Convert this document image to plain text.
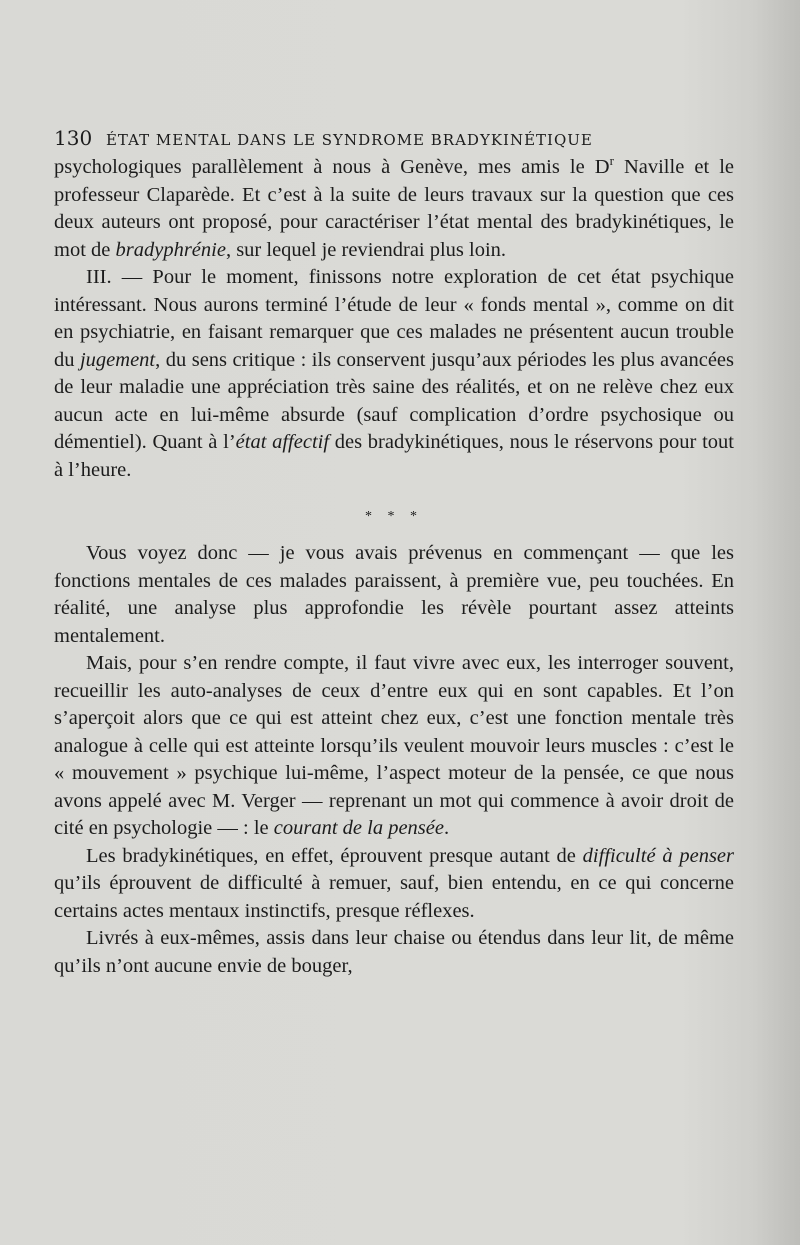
130 ÉTAT MENTAL DANS LE SYNDROME BRADYKINÉTIQUE

psychologiques parallèlement à nous à Genève, mes amis le $D^r$ Naville et le professeur Claparède. Et c’est à la suite de leurs travaux sur la question que ces deux auteurs ont proposé, pour caractériser l’état mental des bradykinétiques, le mot de bradyphrénie, sur lequel je reviendrai plus loin.

III. — Pour le moment, finissons notre exploration de cet état psychique intéressant. Nous aurons terminé l’étude de leur « fonds mental », comme on dit en psychiatrie, en faisant remarquer que ces malades ne présentent aucun trouble du jugement, du sens critique : ils conservent jusqu’aux périodes les plus avancées de leur maladie une appréciation très saine des réalités, et on ne relève chez eux aucun acte en lui-même absurde (sauf complication d’ordre psychosique ou démentiel). Quant à l’état affectif des bradykinétiques, nous le réservons pour tout à l’heure.

* * *

Vous voyez donc — je vous avais prévenus en commençant — que les fonctions mentales de ces malades paraissent, à première vue, peu touchées. En réalité, une analyse plus approfondie les révèle pourtant assez atteints mentalement.

Mais, pour s’en rendre compte, il faut vivre avec eux, les interroger souvent, recueillir les auto-analyses de ceux d’entre eux qui en sont capables. Et l’on s’aperçoit alors que ce qui est atteint chez eux, c’est une fonction mentale très analogue à celle qui est atteinte lorsqu’ils veulent mouvoir leurs muscles : c’est le « mouvement » psychique lui-même, l’aspect moteur de la pensée, ce que nous avons appelé avec M. Verger — reprenant un mot qui commence à avoir droit de cité en psychologie — : le courant de la pensée.

Les bradykinétiques, en effet, éprouvent presque autant de difficulté à penser qu’ils éprouvent de difficulté à remuer, sauf, bien entendu, en ce qui concerne certains actes mentaux instinctifs, presque réflexes.

Livrés à eux-mêmes, assis dans leur chaise ou étendus dans leur lit, de même qu’ils n’ont aucune envie de bouger,
